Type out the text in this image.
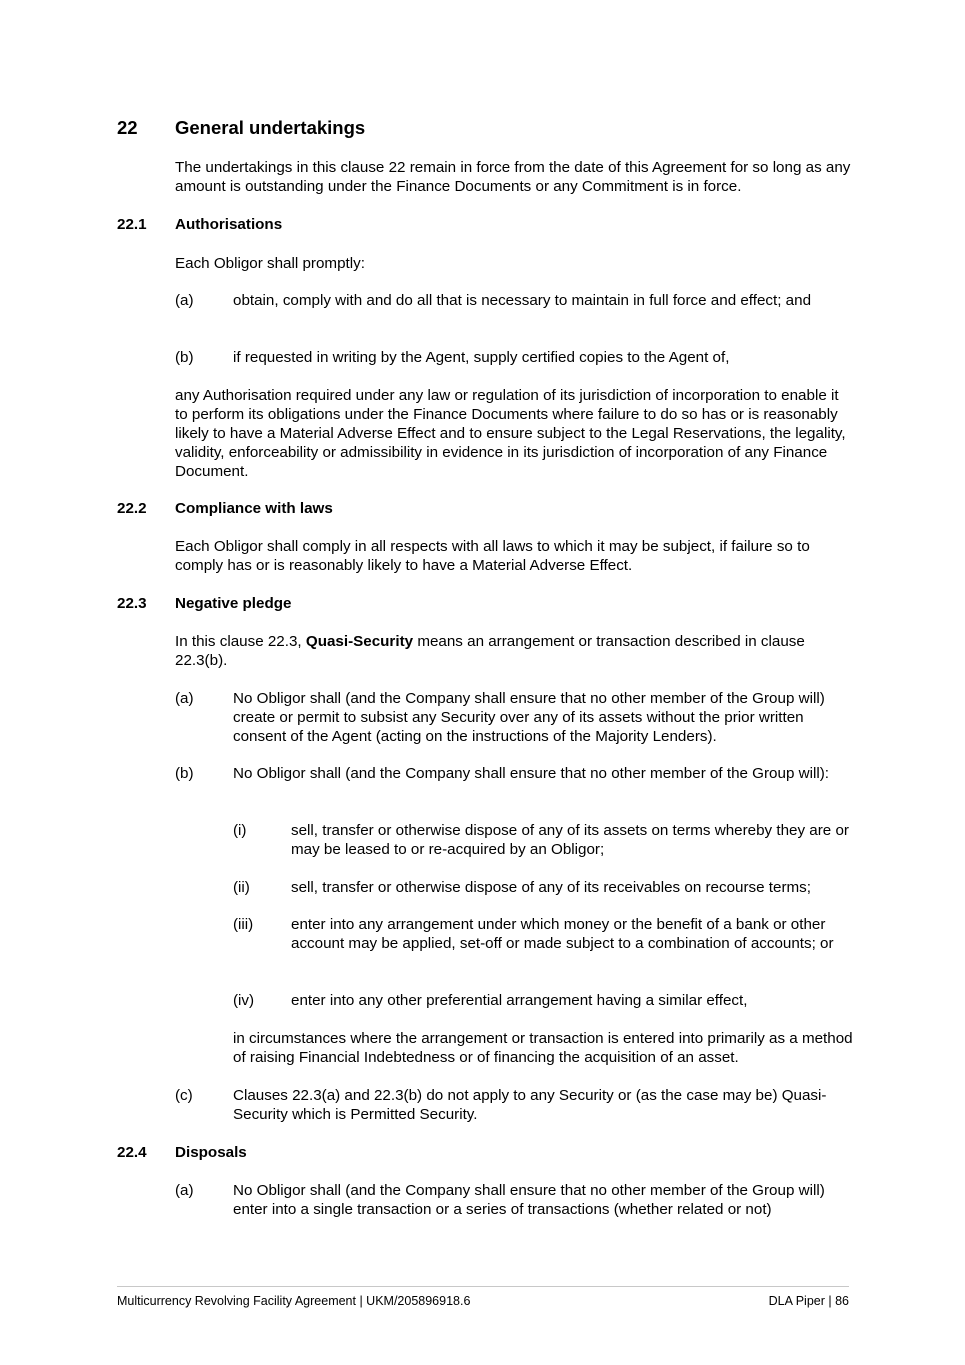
22 General undertakings

The undertakings in this clause 22 remain in force from the date of this Agreement for so long as any amount is outstanding under the Finance Documents or any Commitment is in force.

22.1 Authorisations

Each Obligor shall promptly:

(a)	obtain, comply with and do all that is necessary to maintain in full force and effect; and

(b)	if requested in writing by the Agent, supply certified copies to the Agent of,

any Authorisation required under any law or regulation of its jurisdiction of incorporation to enable it to perform its obligations under the Finance Documents where failure to do so has or is reasonably likely to have a Material Adverse Effect and to ensure subject to the Legal Reservations, the legality, validity, enforceability or admissibility in evidence in its jurisdiction of incorporation of any Finance Document.

22.2 Compliance with laws

Each Obligor shall comply in all respects with all laws to which it may be subject, if failure so to comply has or is reasonably likely to have a Material Adverse Effect.

22.3 Negative pledge

In this clause 22.3, Quasi-Security means an arrangement or transaction described in clause 22.3(b).

(a)	No Obligor shall (and the Company shall ensure that no other member of the Group will) create or permit to subsist any Security over any of its assets without the prior written consent of the Agent (acting on the instructions of the Majority Lenders).

(b)	No Obligor shall (and the Company shall ensure that no other member of the Group will):

(i)	sell, transfer or otherwise dispose of any of its assets on terms whereby they are or may be leased to or re-acquired by an Obligor;

(ii)	sell, transfer or otherwise dispose of any of its receivables on recourse terms;

(iii) enter into any arrangement under which money or the benefit of a bank or other account may be applied, set-off or made subject to a combination of accounts; or

(iv) enter into any other preferential arrangement having a similar effect,

in circumstances where the arrangement or transaction is entered into primarily as a method of raising Financial Indebtedness or of financing the acquisition of an asset.

(c)	Clauses 22.3(a) and 22.3(b) do not apply to any Security or (as the case may be) Quasi-Security which is Permitted Security.

22.4 Disposals

(a)	No Obligor shall (and the Company shall ensure that no other member of the Group will) enter into a single transaction or a series of transactions (whether related or not)

Multicurrency Revolving Facility Agreement | UKM/205896918.6	DLA Piper | 86
